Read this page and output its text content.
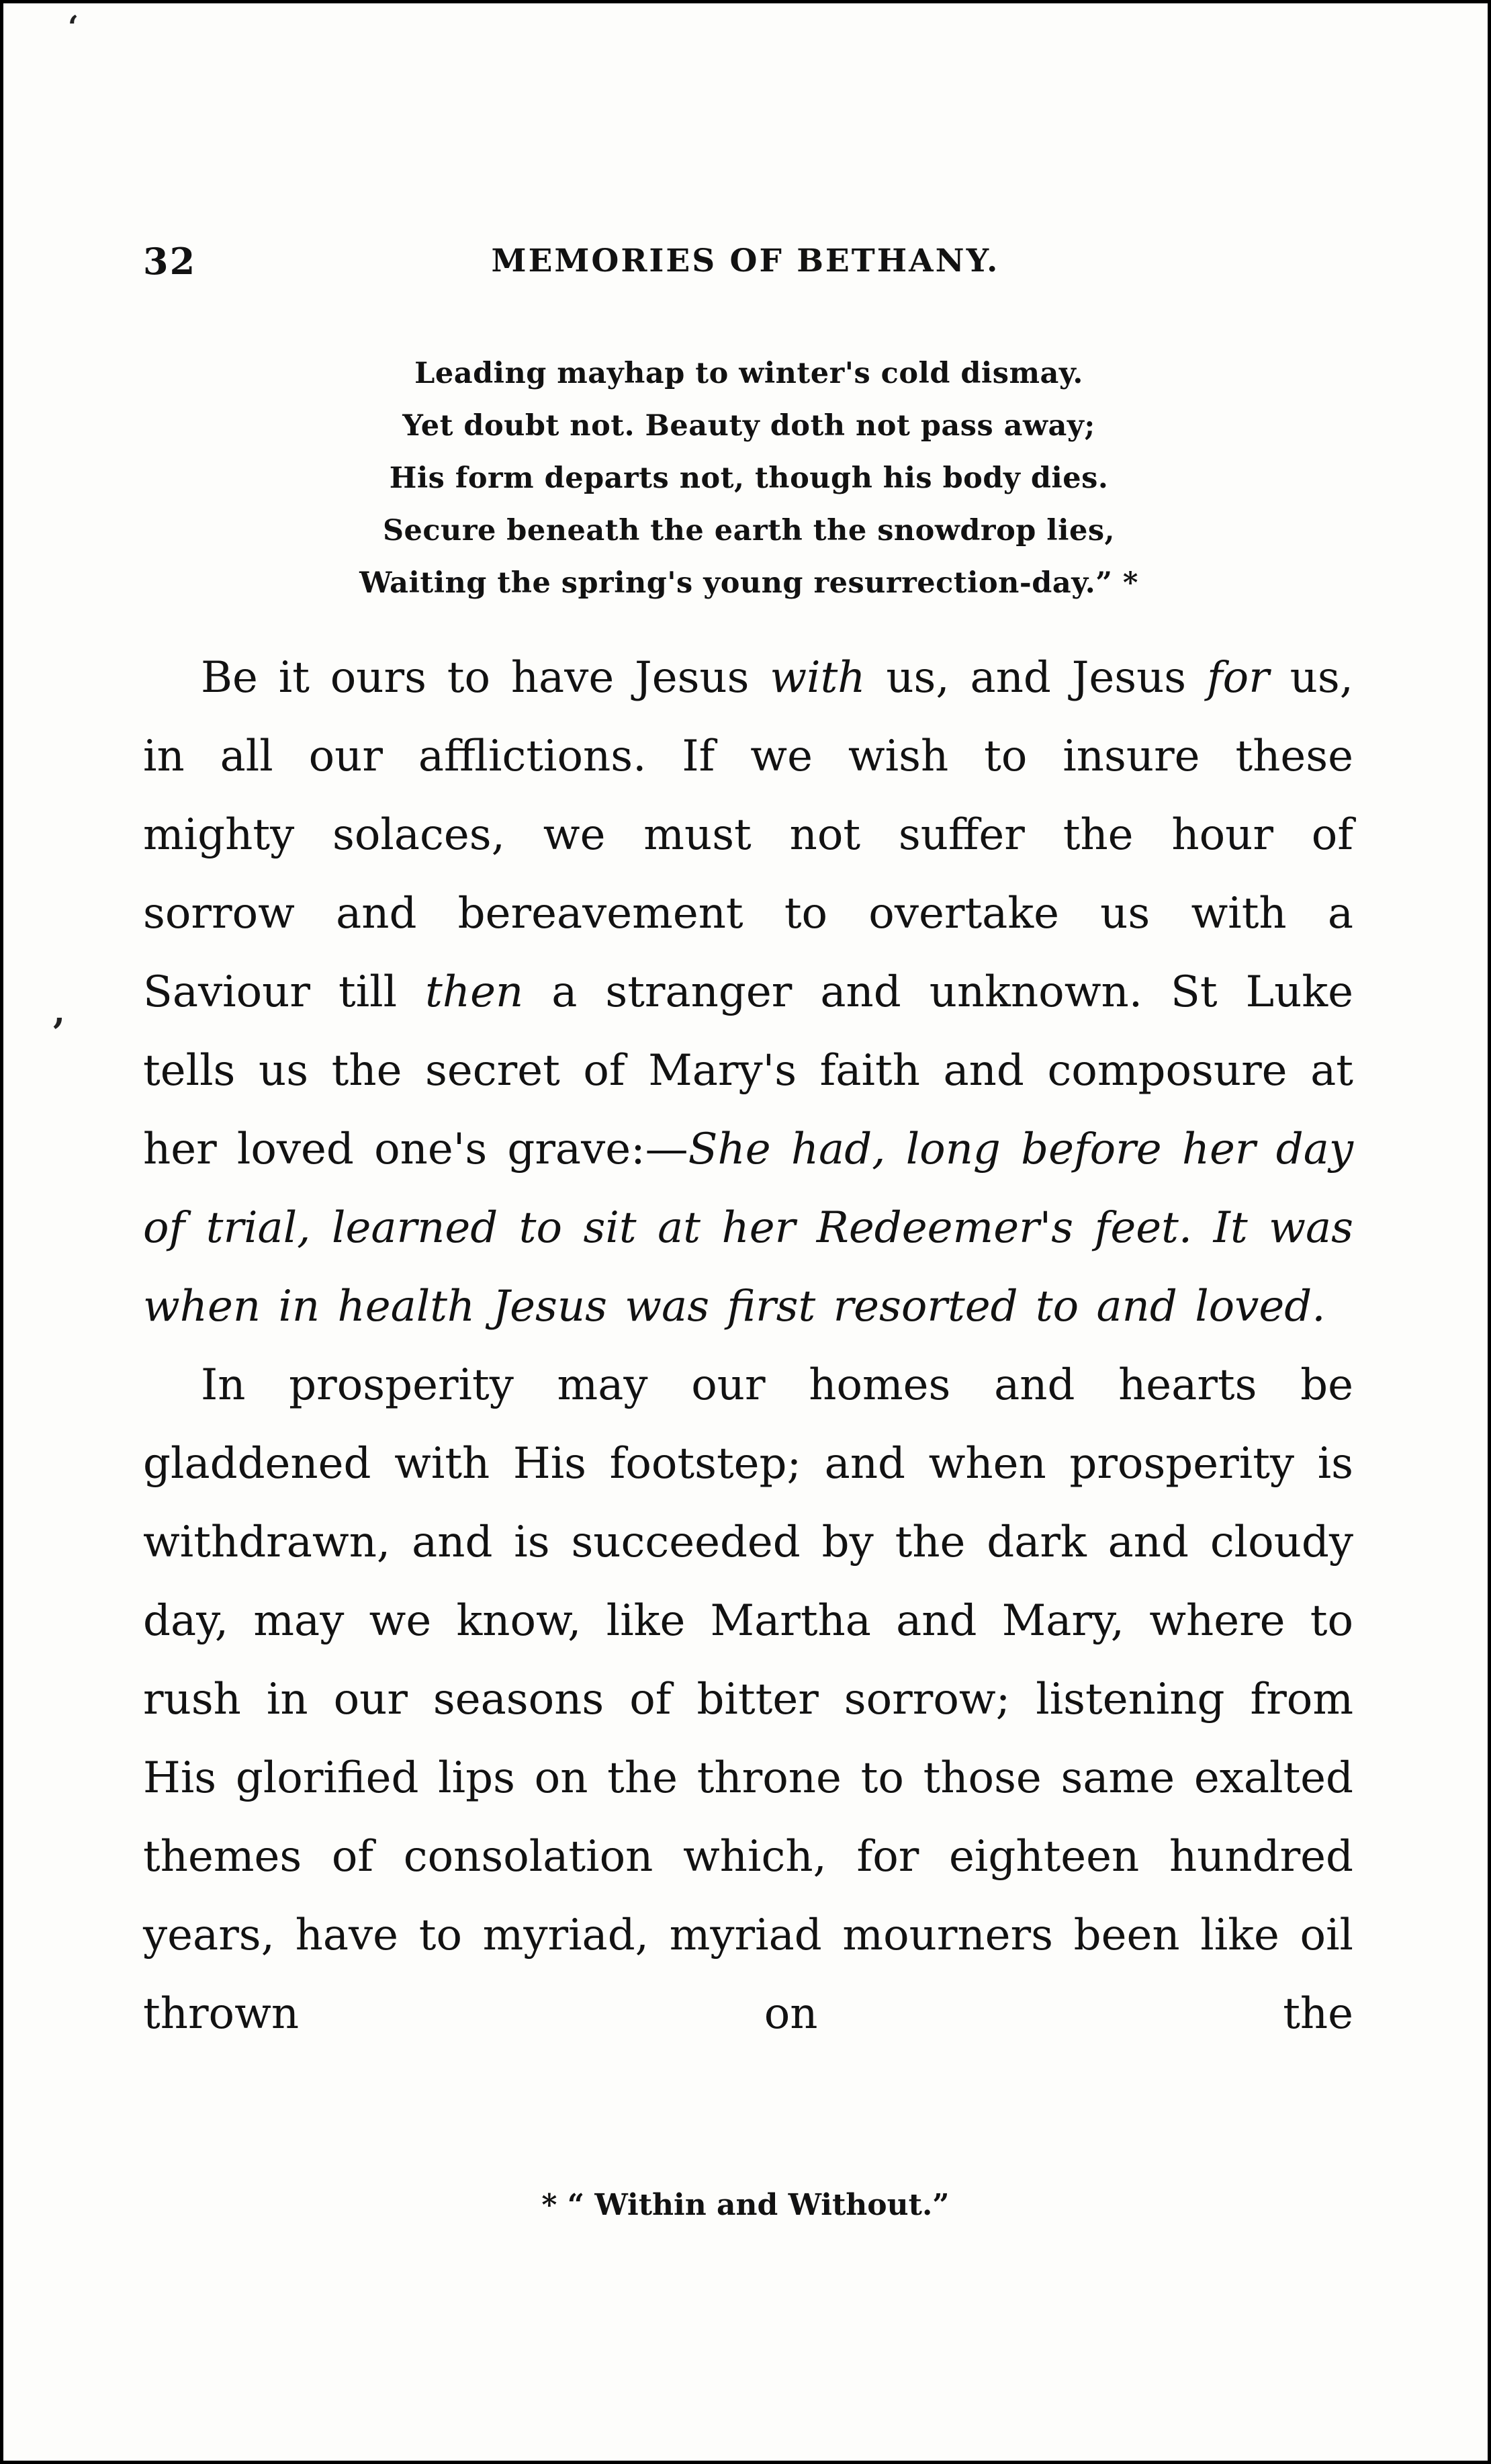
‘
,
32	MEMORIES OF BETHANY.
Leading mayhap to winter's cold dismay.
Yet doubt not. Beauty doth not pass away;
His form departs not, though his body dies.
Secure beneath the earth the snowdrop lies,
Waiting the spring's young resurrection-day.” *

Be it ours to have Jesus with us, and Jesus for us, in all our afflictions. If we wish to insure these mighty solaces, we must not suffer the hour of sorrow and bereavement to overtake us with a Saviour till then a stranger and unknown. St Luke tells us the secret of Mary's faith and composure at her loved one's grave:—She had, long before her day of trial, learned to sit at her Redeemer's feet. It was when in health Jesus was first resorted to and loved.

In prosperity may our homes and hearts be gladdened with His footstep; and when prosperity is withdrawn, and is succeeded by the dark and cloudy day, may we know, like Martha and Mary, where to rush in our seasons of bitter sorrow; listening from His glorified lips on the throne to those same exalted themes of consolation which, for eighteen hundred years, have to myriad, myriad mourners been like oil thrown on the

* “ Within and Without.”
